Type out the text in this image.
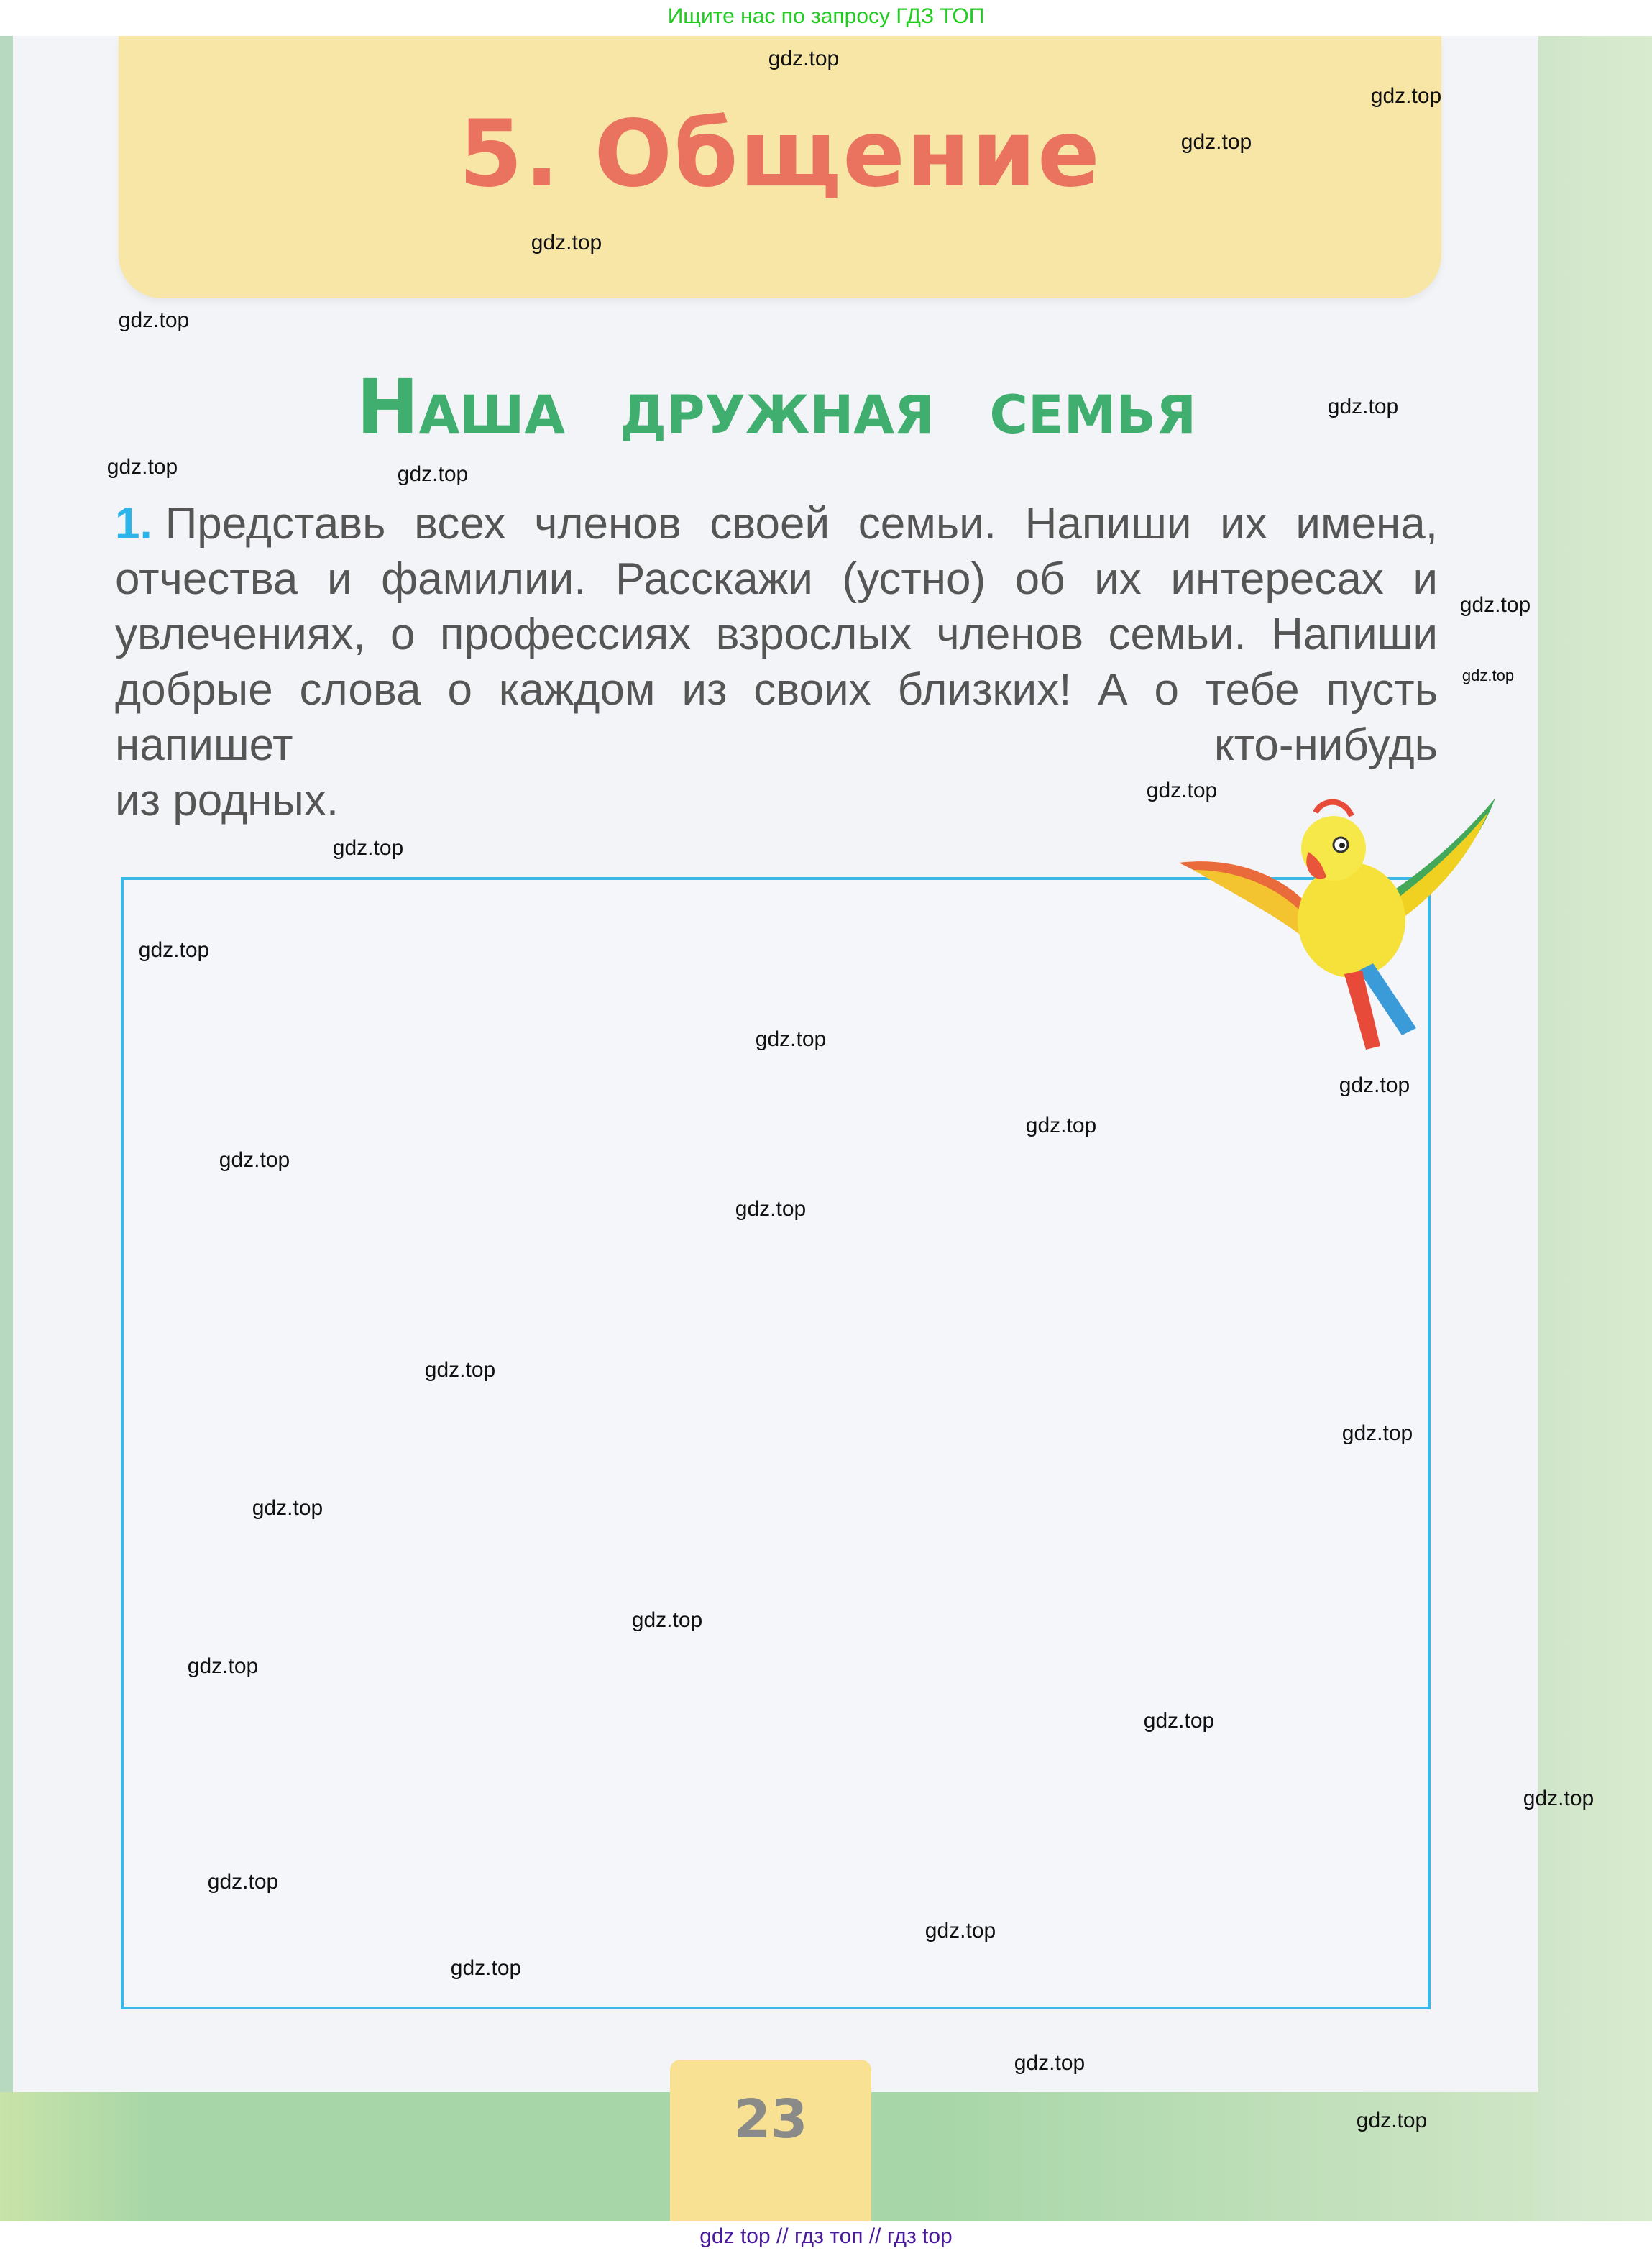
Ищите нас по запросу ГДЗ ТОП
5. Общение
Наша дружная семья

1. Представь всех членов своей семьи. Напиши их имена, отчества и фамилии. Расскажи (устно) об их интересах и увлечениях, о профессиях взрослых членов семьи. Напиши добрые слова о каждом из своих близких! А о тебе пусть напишет кто-нибудь

из родных.

23
gdz top // гдз топ // гдз top
gdz.top
gdz.top
gdz.top
gdz.top
gdz.top
gdz.top
gdz.top	gdz.top
gdz.top
gdz.top
gdz.top
gdz.top
gdz.top
gdz.top
gdz.top
gdz.top
gdz.top
gdz.top
gdz.top
gdz.top
gdz.top
gdz.top
gdz.top
gdz.top
gdz.top
gdz.top
gdz.top
gdz.top
gdz.top
gdz.top
